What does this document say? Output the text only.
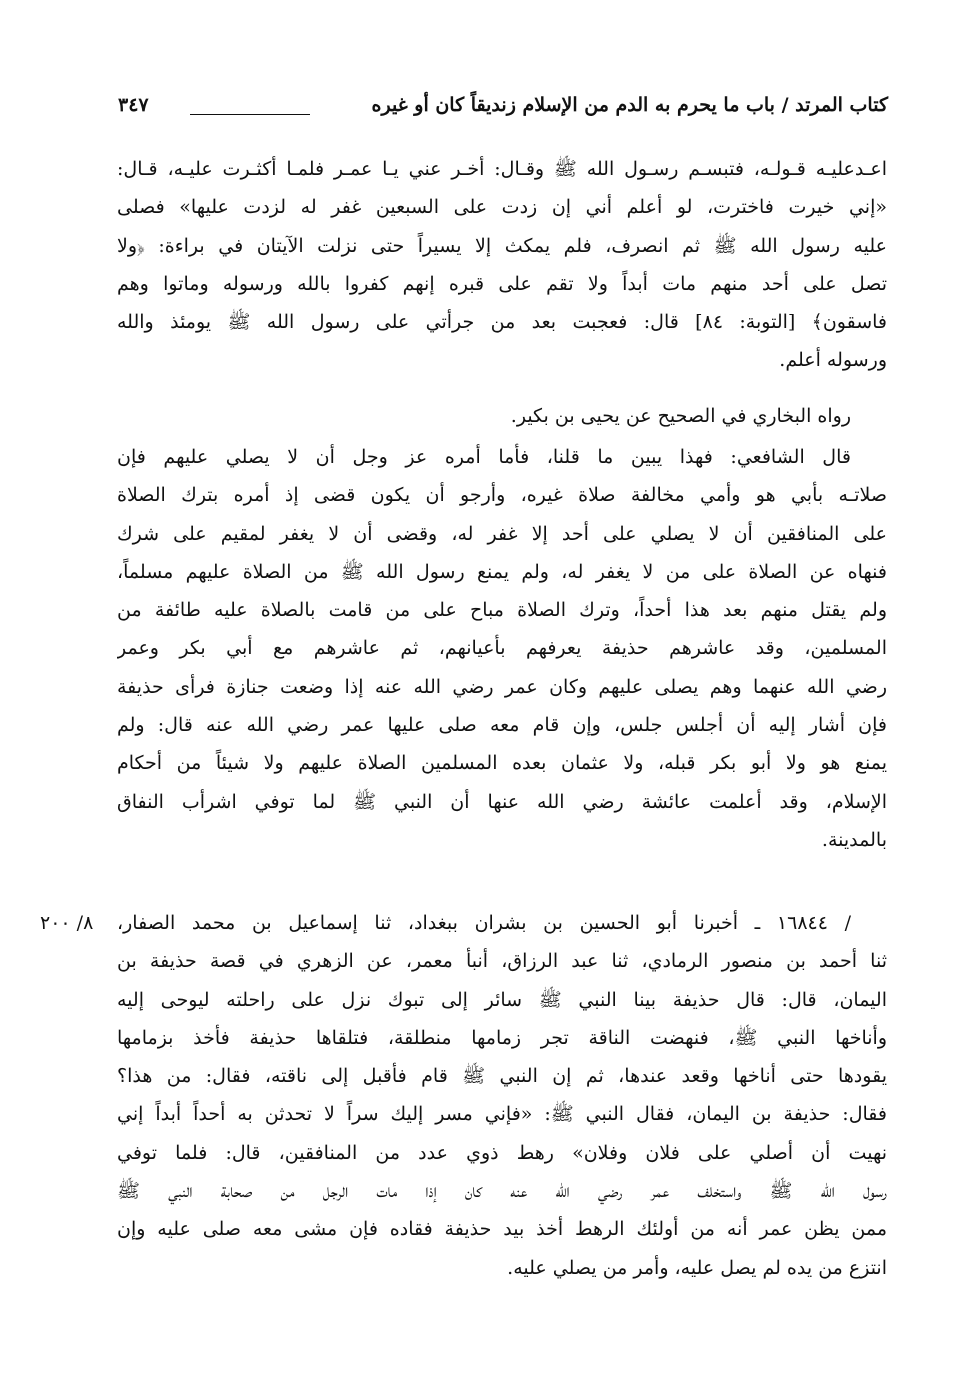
كتاب المرتد / باب ما يحرم به الدم من الإسلام زنديقاً كان أو غيره
٣٤٧
اعـدعليـه قـولـه، فتبسـم رسـول الله ﷺ وقـال: أخـر عني يـا عمـر فلمـا أكثـرت عليـه، قـال:
«إني خيرت فاخترت، لو أعلم أني إن زدت على السبعين غفر له لزدت عليها» فصلى
عليه رسول الله ﷺ ثم انصرف، فلم يمكث إلا يسيراً حتى نزلت الآيتان في براءة: ﴿ولا
تصل على أحد منهم مات أبداً ولا تقم على قبره إنهم كفروا بالله ورسوله وماتوا وهم
فاسقون﴾ [التوبة: ٨٤] قال: فعجبت بعد من جرأتي على رسول الله ﷺ يومئذ والله
ورسوله أعلم.
رواه البخاري في الصحيح عن يحيى بن بكير.
قال الشافعي: فهذا يبين ما قلنا، فأما أمره عز وجل أن لا يصلي عليهم فإن
صلاتـه بأبي هو وأمي مخالفة صلاة غيره، وأرجو أن يكون قضى إذ أمره بترك الصلاة
على المنافقين أن لا يصلي على أحد إلا غفر له، وقضى أن لا يغفر لمقيم على شرك
فنهاه عن الصلاة على من لا يغفر له، ولم يمنع رسول الله ﷺ من الصلاة عليهم مسلماً،
ولم يقتل منهم بعد هذا أحداً، وترك الصلاة مباح على من قامت بالصلاة عليه طائفة من
المسلمين، وقد عاشرهم حذيفة يعرفهم بأعيانهم، ثم عاشرهم مع أبي بكر وعمر
رضي الله عنهما وهم يصلى عليهم وكان عمر رضي الله عنه إذا وضعت جنازة فرأى حذيفة
فإن أشار إليه أن أجلس جلس، وإن قام معه صلى عليها عمر رضي الله عنه قال: ولم
يمنع هو ولا أبو بكر قبله، ولا عثمان بعده المسلمين الصلاة عليهم ولا شيئاً من أحكام
الإسلام، وقد أعلمت عائشة رضي الله عنها أن النبي ﷺ لما توفي اشرأب النفاق
بالمدينة.
٨/ ٢٠٠ / ١٦٨٤٤ ـ أخبرنا أبو الحسين بن بشران ببغداد، ثنا إسماعيل بن محمد الصفار،
ثنا أحمد بن منصور الرمادي، ثنا عبد الرزاق، أنبأ معمر، عن الزهري في قصة حذيفة بن
اليمان، قال: قال حذيفة بينا النبي ﷺ سائر إلى تبوك نزل على راحلته ليوحى إليه
وأناخها النبي ﷺ، فنهضت الناقة تجر زمامها منطلقة، فتلقاها حذيفة فأخذ بزمامها
يقودها حتى أناخها وقعد عندها، ثم إن النبي ﷺ قام فأقبل إلى ناقته، فقال: من هذا؟
فقال: حذيفة بن اليمان، فقال النبي ﷺ: «فإني مسر إليك سراً لا تحدثن به أحداً أبداً إني
نهيت أن أصلي على فلان وفلان» رهط ذوي عدد من المنافقين، قال: فلما توفي
رسول الله ﷺ واستخلف عمر رضي الله عنه كان إذا مات الرجل من صحابة النبي ﷺ
ممن يظن عمر أنه من أولئك الرهط أخذ بيد حذيفة فقاده فإن مشى معه صلى عليه وإن
انتزع من يده لم يصل عليه، وأمر من يصلي عليه.
